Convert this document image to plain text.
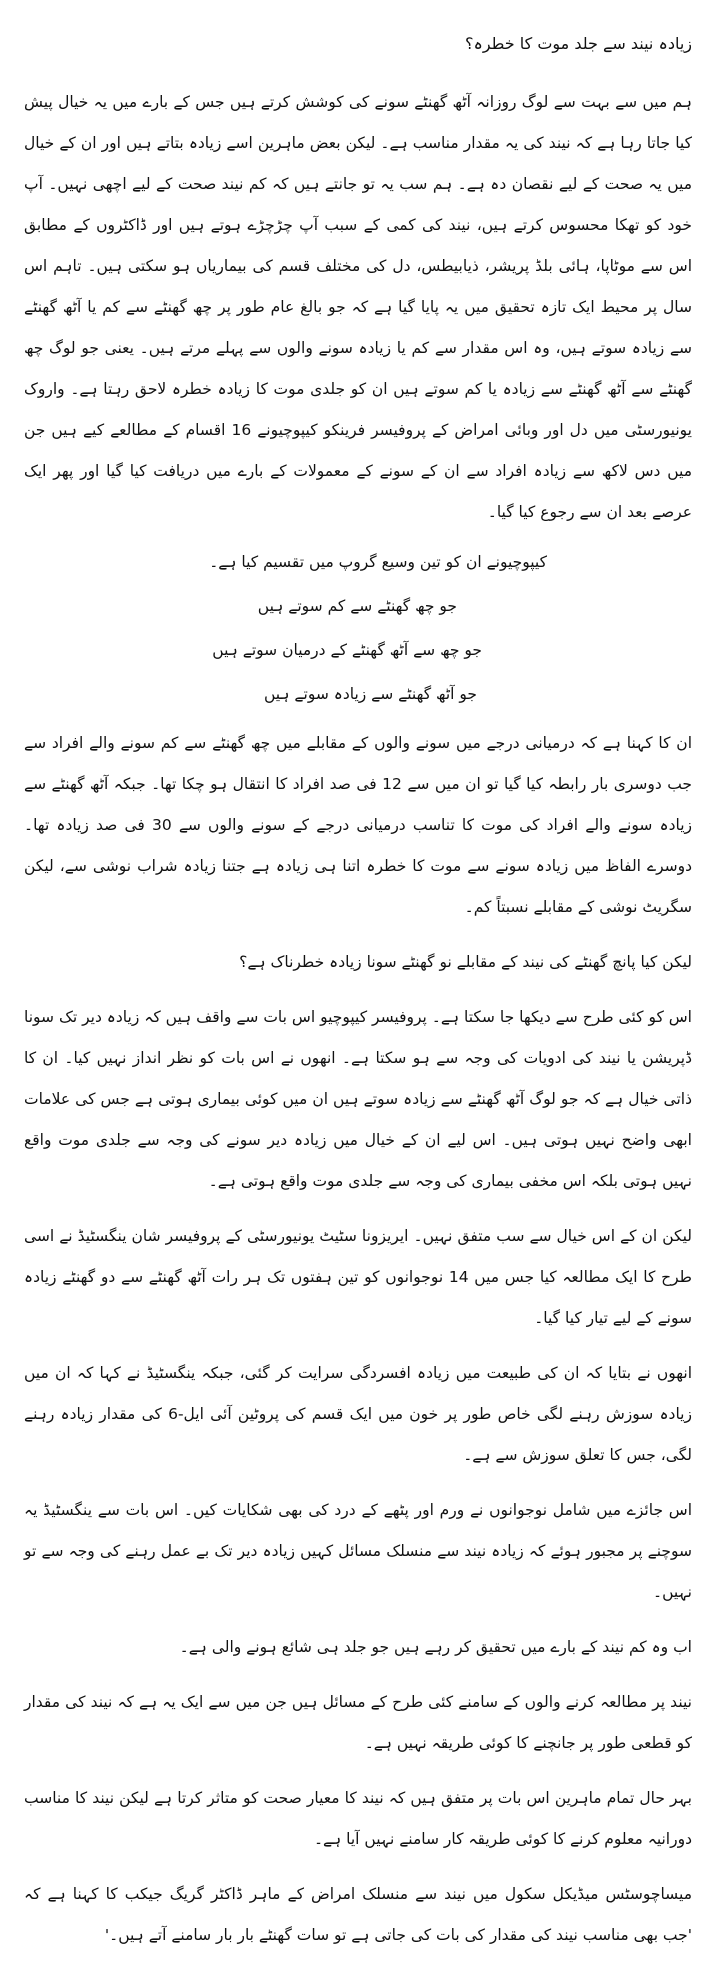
زیادہ نیند سے جلد موت کا خطرہ؟

ہم میں سے بہت سے لوگ روزانہ آٹھ گھنٹے سونے کی کوشش کرتے ہیں جس کے بارے میں یہ خیال پیش کیا جاتا رہا ہے کہ نیند کی یہ مقدار مناسب ہے۔ لیکن بعض ماہرین اسے زیادہ بتاتے ہیں اور ان کے خیال میں یہ صحت کے لیے نقصان دہ ہے۔ ہم سب یہ تو جانتے ہیں کہ کم نیند صحت کے لیے اچھی نہیں۔ آپ خود کو تھکا محسوس کرتے ہیں، نیند کی کمی کے سبب آپ چڑچڑے ہوتے ہیں اور ڈاکٹروں کے مطابق اس سے موٹاپا، ہائی بلڈ پریشر، ذیابیطس، دل کی مختلف قسم کی بیماریاں ہو سکتی ہیں۔ تاہم اس سال پر محیط ایک تازہ تحقیق میں یہ پایا گیا ہے کہ جو بالغ عام طور پر چھ گھنٹے سے کم یا آٹھ گھنٹے سے زیادہ سوتے ہیں، وہ اس مقدار سے کم یا زیادہ سونے والوں سے پہلے مرتے ہیں۔ یعنی جو لوگ چھ گھنٹے سے آٹھ گھنٹے سے زیادہ یا کم سوتے ہیں ان کو جلدی موت کا زیادہ خطرہ لاحق رہتا ہے۔ واروک یونیورسٹی میں دل اور وبائی امراض کے پروفیسر فرینکو کیپوچیونے 16 اقسام کے مطالعے کیے ہیں جن میں دس لاکھ سے زیادہ افراد سے ان کے سونے کے معمولات کے بارے میں دریافت کیا گیا اور پھر ایک عرصے بعد ان سے رجوع کیا گیا۔

کیپوچیونے ان کو تین وسیع گروپ میں تقسیم کیا ہے۔
جو چھ گھنٹے سے کم سوتے ہیں
جو چھ سے آٹھ گھنٹے کے درمیان سوتے ہیں
جو آٹھ گھنٹے سے زیادہ سوتے ہیں

ان کا کہنا ہے کہ درمیانی درجے میں سونے والوں کے مقابلے میں چھ گھنٹے سے کم سونے والے افراد سے جب دوسری بار رابطہ کیا گیا تو ان میں سے 12 فی صد افراد کا انتقال ہو چکا تھا۔ جبکہ آٹھ گھنٹے سے زیادہ سونے والے افراد کی موت کا تناسب درمیانی درجے کے سونے والوں سے 30 فی صد زیادہ تھا۔ دوسرے الفاظ میں زیادہ سونے سے موت کا خطرہ اتنا ہی زیادہ ہے جتنا زیادہ شراب نوشی سے، لیکن سگریٹ نوشی کے مقابلے نسبتاً کم۔

لیکن کیا پانچ گھنٹے کی نیند کے مقابلے نو گھنٹے سونا زیادہ خطرناک ہے؟

اس کو کئی طرح سے دیکھا جا سکتا ہے۔ پروفیسر کیپوچیو اس بات سے واقف ہیں کہ زیادہ دیر تک سونا ڈپریشن یا نیند کی ادویات کی وجہ سے ہو سکتا ہے۔ انھوں نے اس بات کو نظر انداز نہیں کیا۔ ان کا ذاتی خیال ہے کہ جو لوگ آٹھ گھنٹے سے زیادہ سوتے ہیں ان میں کوئی بیماری ہوتی ہے جس کی علامات ابھی واضح نہیں ہوتی ہیں۔ اس لیے ان کے خیال میں زیادہ دیر سونے کی وجہ سے جلدی موت واقع نہیں ہوتی بلکہ اس مخفی بیماری کی وجہ سے جلدی موت واقع ہوتی ہے۔

لیکن ان کے اس خیال سے سب متفق نہیں۔ ایریزونا سٹیٹ یونیورسٹی کے پروفیسر شان ینگسٹیڈ نے اسی طرح کا ایک مطالعہ کیا جس میں 14 نوجوانوں کو تین ہفتوں تک ہر رات آٹھ گھنٹے سے دو گھنٹے زیادہ سونے کے لیے تیار کیا گیا۔

انھوں نے بتایا کہ ان کی طبیعت میں زیادہ افسردگی سرایت کر گئی، جبکہ ینگسٹیڈ نے کہا کہ ان میں زیادہ سوزش رہنے لگی خاص طور پر خون میں ایک قسم کی پروٹین آئی ایل-6 کی مقدار زیادہ رہنے لگی، جس کا تعلق سوزش سے ہے۔

اس جائزے میں شامل نوجوانوں نے ورم اور پٹھے کے درد کی بھی شکایات کیں۔ اس بات سے ینگسٹیڈ یہ سوچنے پر مجبور ہوئے کہ زیادہ نیند سے منسلک مسائل کہیں زیادہ دیر تک بے عمل رہنے کی وجہ سے تو نہیں۔

اب وہ کم نیند کے بارے میں تحقیق کر رہے ہیں جو جلد ہی شائع ہونے والی ہے۔

نیند پر مطالعہ کرنے والوں کے سامنے کئی طرح کے مسائل ہیں جن میں سے ایک یہ ہے کہ نیند کی مقدار کو قطعی طور پر جانچنے کا کوئی طریقہ نہیں ہے۔

بہر حال تمام ماہرین اس بات پر متفق ہیں کہ نیند کا معیار صحت کو متاثر کرتا ہے لیکن نیند کا مناسب دورانیہ معلوم کرنے کا کوئی طریقہ کار سامنے نہیں آیا ہے۔

میساچوسٹس میڈیکل سکول میں نیند سے منسلک امراض کے ماہر ڈاکٹر گریگ جیکب کا کہنا ہے کہ 'جب بھی مناسب نیند کی مقدار کی بات کی جاتی ہے تو سات گھنٹے بار بار سامنے آتے ہیں۔'
